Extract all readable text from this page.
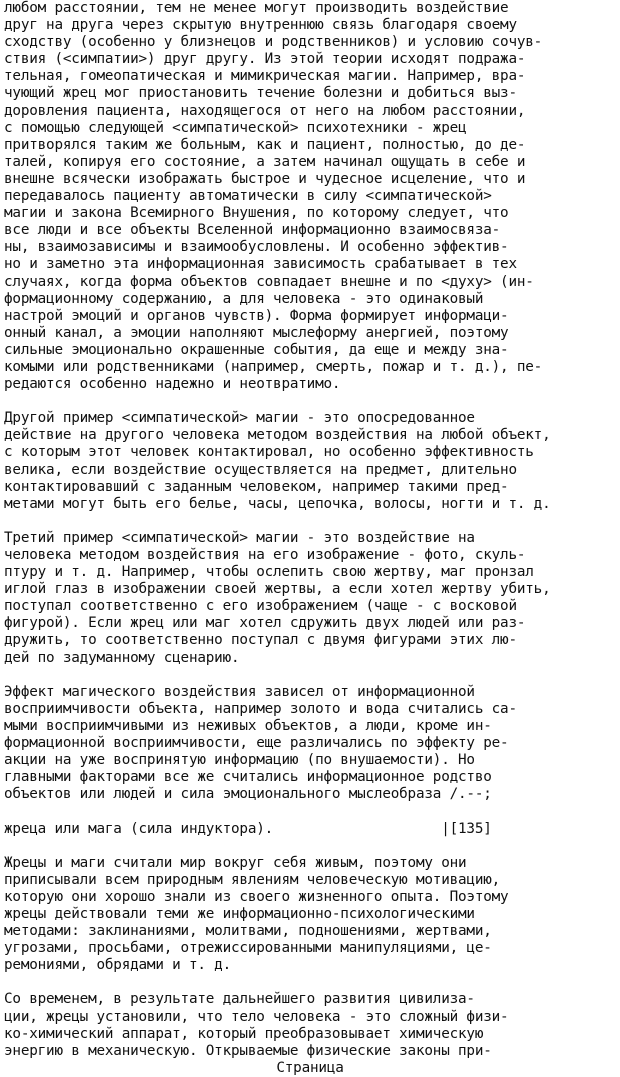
любом расстоянии, тем не менее могут производить воздействие
друг на друга через скрытую внутреннюю связь благодаря своему
сходству (особенно у близнецов и родственников) и условию сочув-
ствия (<симпатии>) друг другу. Из этой теории исходят подража-
тельная, гомеопатическая и мимикрическая магии. Например, вра-
чующий жрец мог приостановить течение болезни и добиться выз-
доровления пациента, находящегося от него на любом расстоянии,
с помощью следующей <симпатической> психотехники - жрец
притворялся таким же больным, как и пациент, полностью, до де-
талей, копируя его состояние, а затем начинал ощущать в себе и
внешне всячески изображать быстрое и чудесное исцеление, что и
передавалось пациенту автоматически в силу <симпатической>
магии и закона Всемирного Внушения, по которому следует, что
все люди и все объекты Вселенной информационно взаимосвязa-
ны, взаимозависимы и взаимообусловлены. И особенно эффектив-
но и заметно эта информационная зависимость срабатывает в тех
случаях, когда форма объектов совпадает внешне и по <духу> (ин-
формационному содержанию, а для человека - это одинаковый
настрой эмоций и органов чувств). Форма формирует информаци-
онный канал, а эмоции наполняют мыслеформу анергией, поэтому
сильные эмоционально окрашенные события, да еще и между зна-
комыми или родственниками (например, смерть, пожар и т. д.), пе-
редаются особенно надежно и неотвратимо.
Другой пример <симпатической> магии - это опосредованное
действие на другого человека методом воздействия на любой объект,
с которым этот человек контактировал, но особенно эффективность
велика, если воздействие осуществляется на предмет, длительно
контактировавший с заданным человеком, например такими пред-
метами могут быть его белье, часы, цепочка, волосы, ногти и т. д.
Третий пример <симпатической> магии - это воздействие на
человека методом воздействия на его изображение - фото, скуль-
птуру и т. д. Например, чтобы ослепить свою жертву, маг пронзал
иглой глаз в изображении своей жертвы, а если хотел жертву убить,
поступал соответственно с его изображением (чаще - с восковой
фигурой). Если жрец или маг хотел сдружить двух людей или раз-
дружить, то соответственно поступал с двумя фигурами этих лю-
дей по задуманному сценарию.
Эффект магического воздействия зависел от информационной
восприимчивости объекта, например золото и вода считались са-
мыми восприимчивыми из неживых объектов, а люди, кроме ин-
формационной восприимчивости, еще различались по эффекту ре-
акции на уже воспринятую информацию (по внушаемости). Но
главными факторами все же считались информационное родство
объектов или людей и сила эмоционального мыслеобраза /.--;
жреца или мага (сила индуктора).                    |[135]
Жрецы и маги считали мир вокруг себя живым, поэтому они
приписывали всем природным явлениям человеческую мотивацию,
которую они хорошо знали из своего жизненного опыта. Поэтому
жрецы действовали теми же информационно-психологическими
методами: заклинаниями, молитвами, подношениями, жертвами,
угрозами, просьбами, отрежиссированными манипуляциями, це-
ремониями, обрядами и т. д.
Со временем, в результате дальнейшего развития цивилиза-
ции, жрецы установили, что тело человека - это сложный физи-
ко-химический аппарат, который преобразовывает химическую
энергию в механическую. Открываемые физические законы при-
Страница
